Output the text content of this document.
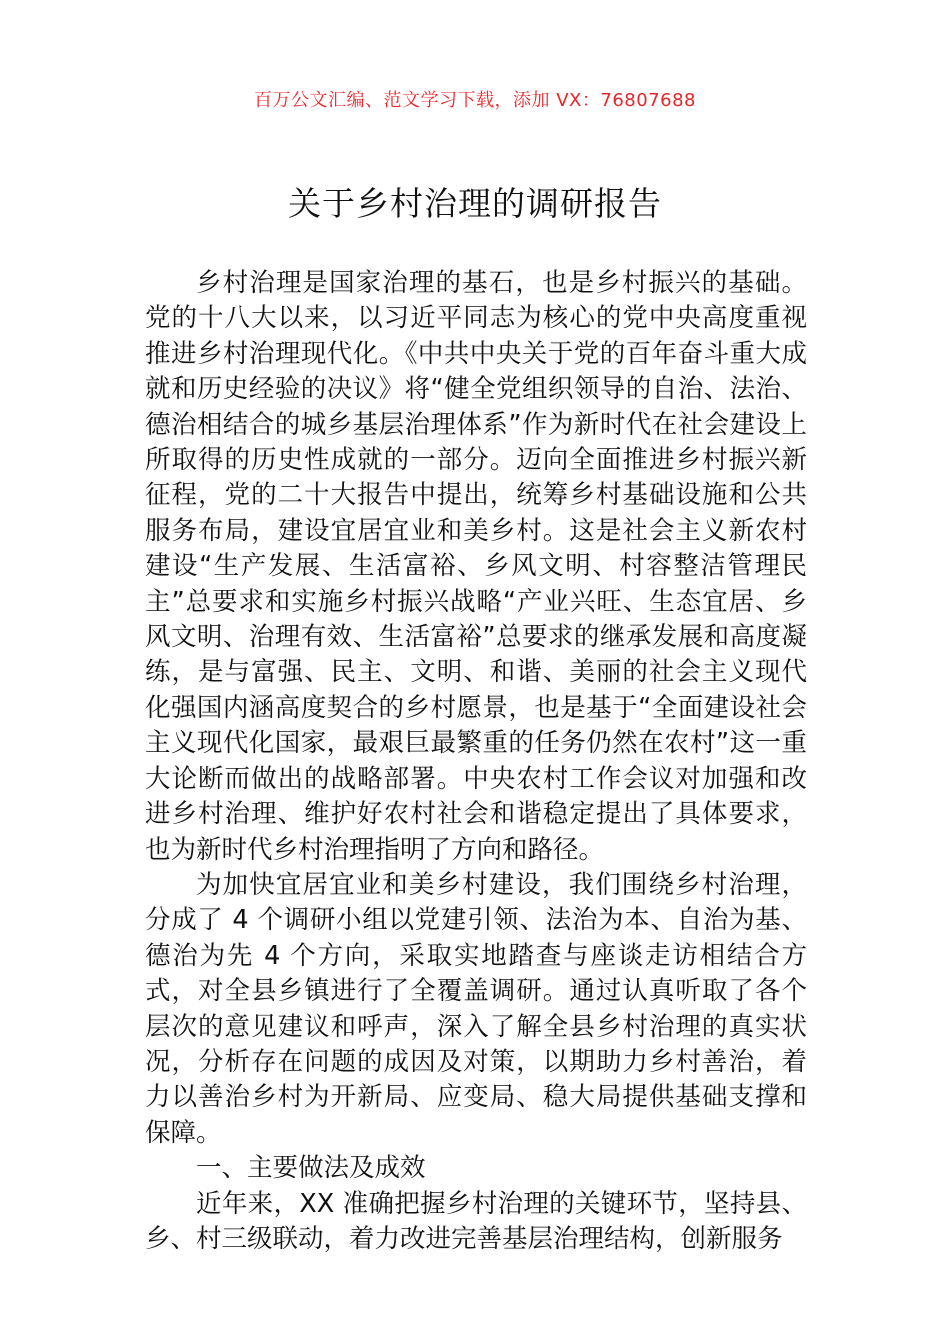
百万公文汇编、范文学习下载，添加 VX：76807688
关于乡村治理的调研报告

乡村治理是国家治理的基石，也是乡村振兴的基础。党的十八大以来，以习近平同志为核心的党中央高度重视推进乡村治理现代化。《中共中央关于党的百年奋斗重大成就和历史经验的决议》将“健全党组织领导的自治、法治、德治相结合的城乡基层治理体系”作为新时代在社会建设上所取得的历史性成就的一部分。迈向全面推进乡村振兴新征程，党的二十大报告中提出，统筹乡村基础设施和公共服务布局，建设宜居宜业和美乡村。这是社会主义新农村建设“生产发展、生活富裕、乡风文明、村容整洁管理民主”总要求和实施乡村振兴战略“产业兴旺、生态宜居、乡风文明、治理有效、生活富裕”总要求的继承发展和高度凝练，是与富强、民主、文明、和谐、美丽的社会主义现代化强国内涵高度契合的乡村愿景，也是基于“全面建设社会主义现代化国家，最艰巨最繁重的任务仍然在农村”这一重大论断而做出的战略部署。中央农村工作会议对加强和改进乡村治理、维护好农村社会和谐稳定提出了具体要求，也为新时代乡村治理指明了方向和路径。

为加快宜居宜业和美乡村建设，我们围绕乡村治理，分成了 4 个调研小组以党建引领、法治为本、自治为基、德治为先 4 个方向，采取实地踏查与座谈走访相结合方式，对全县乡镇进行了全覆盖调研。通过认真听取了各个层次的意见建议和呼声，深入了解全县乡村治理的真实状况，分析存在问题的成因及对策，以期助力乡村善治，着力以善治乡村为开新局、应变局、稳大局提供基础支撑和保障。

一、主要做法及成效

近年来，XX 准确把握乡村治理的关键环节，坚持县、乡、村三级联动，着力改进完善基层治理结构，创新服务
